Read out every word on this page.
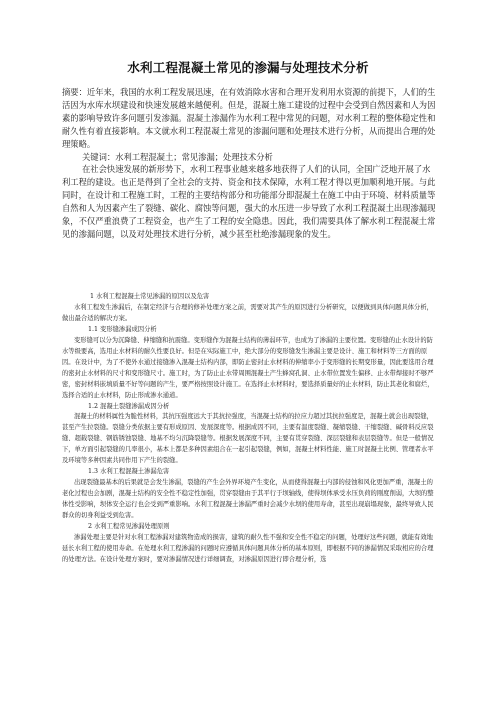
水利工程混凝土常见的渗漏与处理技术分析

摘要：近年来，我国的水利工程发展迅速，在有效消除水害和合理开发利用水资源的前提下，人们的生活因为水库水坝建设和快速发展越来越便利。但是，混凝土施工建设的过程中会受到自然因素和人为因素的影响导致许多问题引发渗漏。混凝土渗漏作为水利工程中常见的问题，对水利工程的整体稳定性和耐久性有着直接影响。本文就水利工程混凝土常见的渗漏问题和处理技术进行分析，从而提出合理的处理策略。

关键词：水利工程混凝土；常见渗漏；处理技术分析

在社会快速发展的新形势下，水利工程事业越来越多地获得了人们的认同，全国广泛地开展了水利工程的建设。也正是得到了全社会的支持、资金和技术保障，水利工程才得以更加顺利地开展。与此同时，在设计和工程施工时，工程的主要结构部分和功能部分即混凝土在施工中由于环境、材料质量等自然和人为因素产生了裂缝、碳化、腐蚀等问题，强大的水压进一步导致了水利工程混凝土出现渗漏现象，不仅严重浪费了工程资金，也产生了工程的安全隐患。因此，我们需要具体了解水利工程混凝土常见的渗漏问题，以及对处理技术进行分析，减少甚至杜绝渗漏现象的发生。

1 水利工程混凝土常见渗漏的原因以及危害

水利工程发生渗漏后，在制定经济与合理的修补处理方案之前，需要对其产生的原因进行分析研究，以便做到具体问题具体分析，做出最合适的解决方案。

1.1 变形缝渗漏成因分析

变形缝可以分为沉降缝、伸缩缝和抗震缝。变形缝作为混凝土结构的薄弱环节，也成为了渗漏的主要位置。变形缝的止水设计的防水等级要高，选用止水材料的耐久性要良好。但是在实际施工中，绝大部分的变形缝发生渗漏主要是设计、施工和材料等三方面的原因。在设计中，为了不使外水通过接缝渗入混凝土结构内部，即防止密封止水材料的伸缩率小于变形缝的长期变形量，因此要选用合理的密封止水材料的尺寸和变形缝尺寸。施工时，为了防止止水带周围混凝土产生蜂窝孔洞、止水带位置发生偏移、止水带焊接时不够严密，密封材料嵌填质量不好等问题的产生，要严格按照设计施工。在选择止水材料时，要选择质量好的止水材料，防止其老化和腐烂，选择合适的止水材料，防止形成渗水通道。

1.2 混凝土裂缝渗漏成因分析

混凝土的材料属性为脆性材料，其抗压强度远大于其抗拉强度，当混凝土结构的拉应力超过其抗拉强度是，混凝土就会出现裂缝，甚至产生拉裂缝。裂缝分类依据主要有形成原因、发展深度等。根据成因不同，主要有温度裂缝、凝缩裂缝、干缩裂缝、碱骨料反应裂缝、超载裂缝、钢筋锈蚀裂缝、地基不均匀沉降裂缝等。根据发展深度不同，主要有贯穿裂缝、深层裂缝和表层裂缝等。但是一般情况下，单方面引起裂缝的几率很小，基本上都是多种因素组合在一起引起裂缝，例如，混凝土材料性能、施工时混凝土比例、管理者水平及环境等多种因素共同作用下产生的裂缝。

1.3 水利工程混凝土渗漏危害

出现裂缝最基本的后果就是会发生渗漏，裂缝的产生会外界环境产生变化，从而使得混凝土内部的侵蚀和风化更加严重，混凝土的老化过程也会加剧，混凝土结构的安全性不稳定性加强，贯穿裂缝由于其平行于坝轴线，使得坝体承受水压负荷的刚度削弱，大坝的整体性受影响，坝体安全运行也会受到严重影响。水利工程混凝土渗漏严重时会减少水坝的使用寿命，甚至出现崩塌现象，最终导致人民群众的切身利益受到危害。

2 水利工程常见渗漏处理原则

渗漏处理主要是针对水利工程渗漏对建筑物造成的损害，建筑的耐久性不强和安全性不稳定的问题，处理好这些问题，就能有效地延长水利工程的使用寿命。在处理水利工程渗漏的问题时应遵循具体问题具体分析的基本原则，即根据不同的渗漏情况采取相应的合理的处理方法。在设计处理方案时，要对渗漏情况进行详细调查，对渗漏原因进行即合理分析，选
